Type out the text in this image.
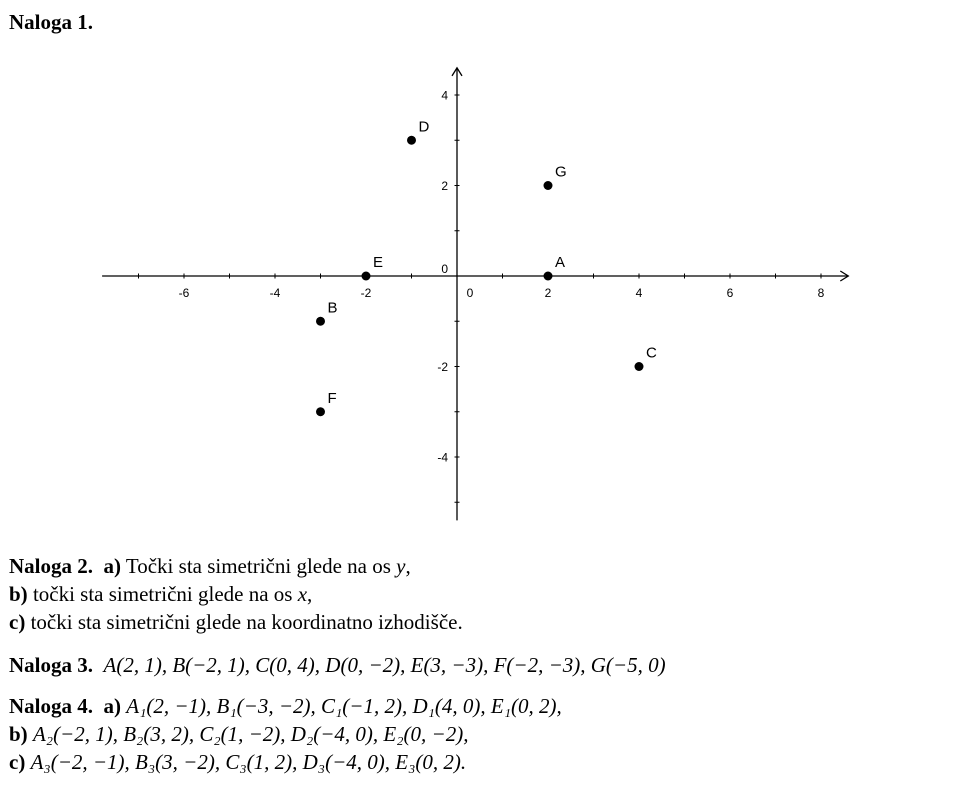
Naloga 1.
-6	-4	-2	0	2	4	6	8
4
2
0
-2
-4
A
B
C
D
E
F
G
Naloga 2. a) Točki sta simetrični glede na os y,
b) točki sta simetrični glede na os x,
c) točki sta simetrični glede na koordinatno izhodišče.
Naloga 3. A(2, 1), B(−2, 1), C(0, 4), D(0, −2), E(3, −3), F(−2, −3), G(−5, 0)
Naloga 4. a) A₁(2, −1), B₁(−3, −2), C₁(−1, 2), D₁(4, 0), E₁(0, 2),
b) A₂(−2, 1), B₂(3, 2), C₂(1, −2), D₂(−4, 0), E₂(0, −2),
c) A₃(−2, −1), B₃(3, −2), C₃(1, 2), D₃(−4, 0), E₃(0, 2).
